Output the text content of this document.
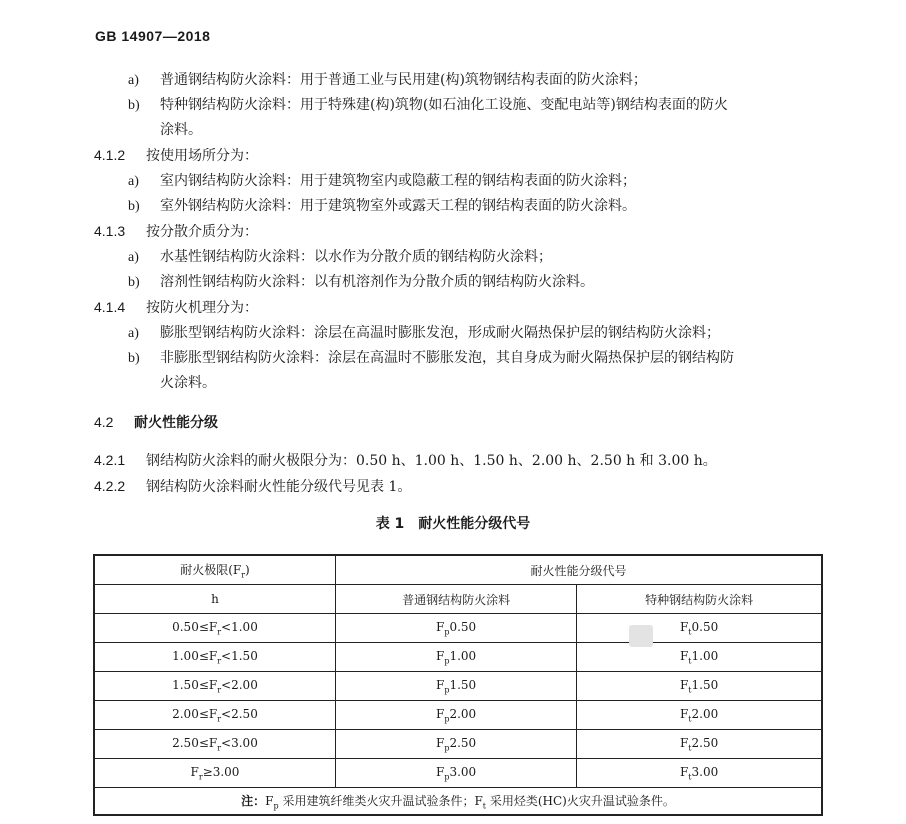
GB 14907—2018
a)	普通钢结构防火涂料：用于普通工业与民用建(构)筑物钢结构表面的防火涂料；
b)	特种钢结构防火涂料：用于特殊建(构)筑物(如石油化工设施、变配电站等)钢结构表面的防火
涂料。
4.1.2 按使用场所分为：
a)	室内钢结构防火涂料：用于建筑物室内或隐蔽工程的钢结构表面的防火涂料；
b)	室外钢结构防火涂料：用于建筑物室外或露天工程的钢结构表面的防火涂料。
4.1.3 按分散介质分为：
a)	水基性钢结构防火涂料：以水作为分散介质的钢结构防火涂料；
b)	溶剂性钢结构防火涂料：以有机溶剂作为分散介质的钢结构防火涂料。
4.1.4 按防火机理分为：
a)	膨胀型钢结构防火涂料：涂层在高温时膨胀发泡，形成耐火隔热保护层的钢结构防火涂料；
b)	非膨胀型钢结构防火涂料：涂层在高温时不膨胀发泡，其自身成为耐火隔热保护层的钢结构防
火涂料。
4.2 耐火性能分级
4.2.1 钢结构防火涂料的耐火极限分为：0.50 h、1.00 h、1.50 h、2.00 h、2.50 h 和 3.00 h。
4.2.2 钢结构防火涂料耐火性能分级代号见表 1。
表 1　耐火性能分级代号
耐火极限$(F_r)$	耐火性能分级代号	
h	普通钢结构防火涂料	特种钢结构防火涂料
$0.50\le F_r<1.00$	$F_p0.50$	$F_t0.50$
$1.00\le F_r<1.50$	$F_p1.00$	$F_t1.00$
$1.50\le F_r<2.00$	$F_p1.50$	$F_t1.50$
$2.00\le F_r<2.50$	$F_p2.00$	$F_t2.00$
$2.50\le F_r<3.00$	$F_p2.50$	$F_t2.50$
$F_r\ge 3.00$	$F_p3.00$	$F_t3.00$
注：$F_p$ 采用建筑纤维类火灾升温试验条件；$F_t$ 采用烃类(HC)火灾升温试验条件。		
